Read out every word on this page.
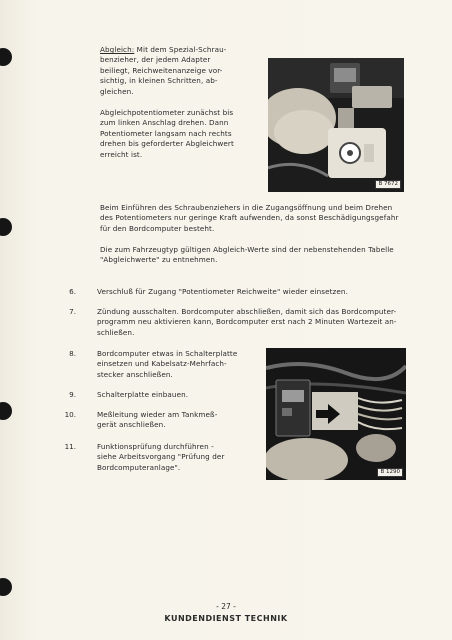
Abgleich: Mit dem Spezial-Schrau-
benzieher, der jedem Adapter
beiliegt, Reichweitenanzeige vor-
sichtig, in kleinen Schritten, ab-
gleichen.
Abgleichpotentiometer zunächst bis
zum linken Anschlag drehen. Dann
Potentiometer langsam nach rechts
drehen bis geforderter Abgleichwert
erreicht ist.
Beim Einführen des Schraubenziehers in die Zugangsöffnung und beim Drehen
des Potentiometers nur geringe Kraft aufwenden, da sonst Beschädigungsgefahr
für den Bordcomputer besteht.
Die zum Fahrzeugtyp gültigen Abgleich-Werte sind der nebenstehenden Tabelle
"Abgleichwerte" zu entnehmen.
B 7672
6.	Verschluß für Zugang "Potentiometer Reichweite" wieder einsetzen.
7.	Zündung ausschalten. Bordcomputer abschließen, damit sich das Bordcomputer-
programm neu aktivieren kann, Bordcomputer erst nach 2 Minuten Wartezeit an-
schließen.
8.	Bordcomputer etwas in Schalterplatte
einsetzen und Kabelsatz-Mehrfach-
stecker anschließen.
9.	Schalterplatte einbauen.
10.	Meßleitung wieder am Tankmeß-
gerät anschließen.
11.	Funktionsprüfung durchführen -
siehe Arbeitsvorgang "Prüfung der
Bordcomputeranlage".
B 1290
- 27 -
KUNDENDIENST TECHNIK
